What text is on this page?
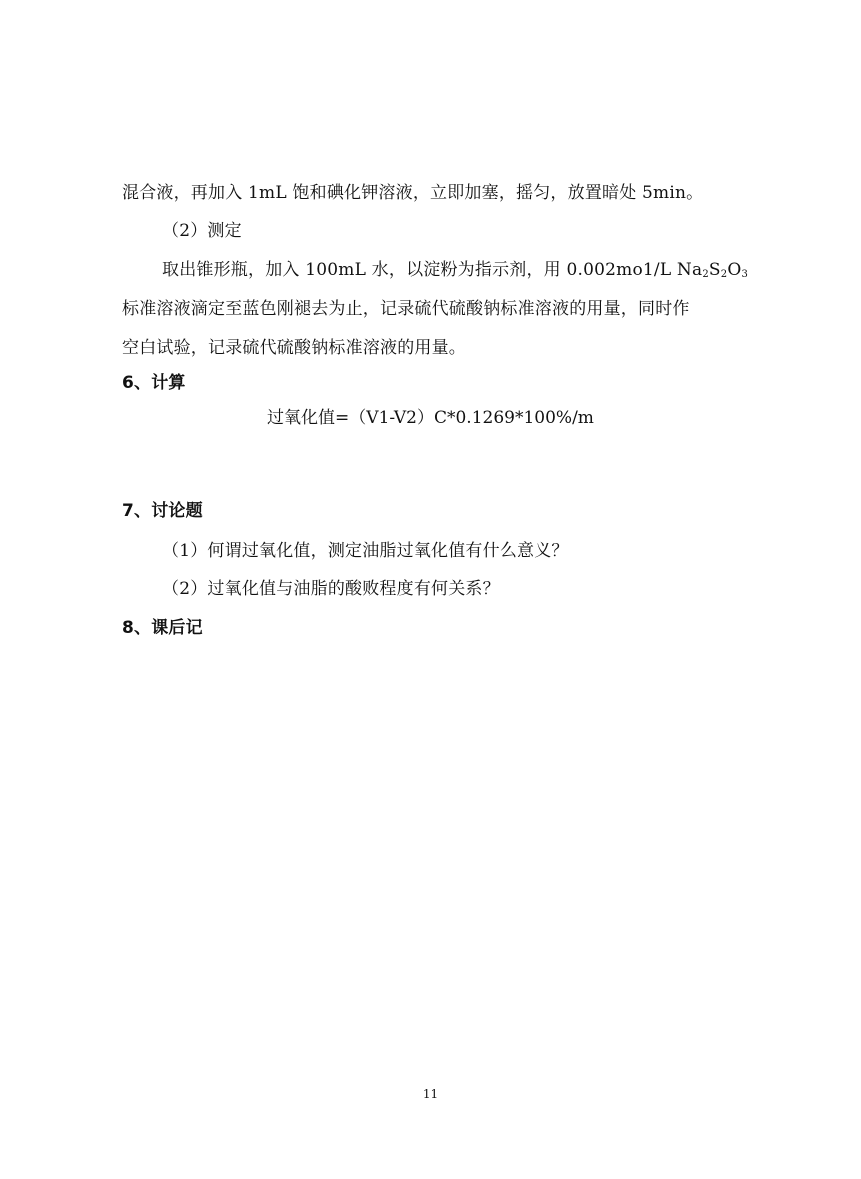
混合液，再加入 1mL 饱和碘化钾溶液，立即加塞，摇匀，放置暗处 5min。
（2）测定
取出锥形瓶，加入 100mL 水，以淀粉为指示剂，用 0.002mo1/L $Na_2S_2O_3$
标准溶液滴定至蓝色刚褪去为止，记录硫代硫酸钠标准溶液的用量，同时作
空白试验，记录硫代硫酸钠标准溶液的用量。
6、计算
过氧化值=（V1-V2）C*0.1269*100%/m
7、讨论题
（1）何谓过氧化值，测定油脂过氧化值有什么意义？
（2）过氧化值与油脂的酸败程度有何关系？
8、课后记
11
